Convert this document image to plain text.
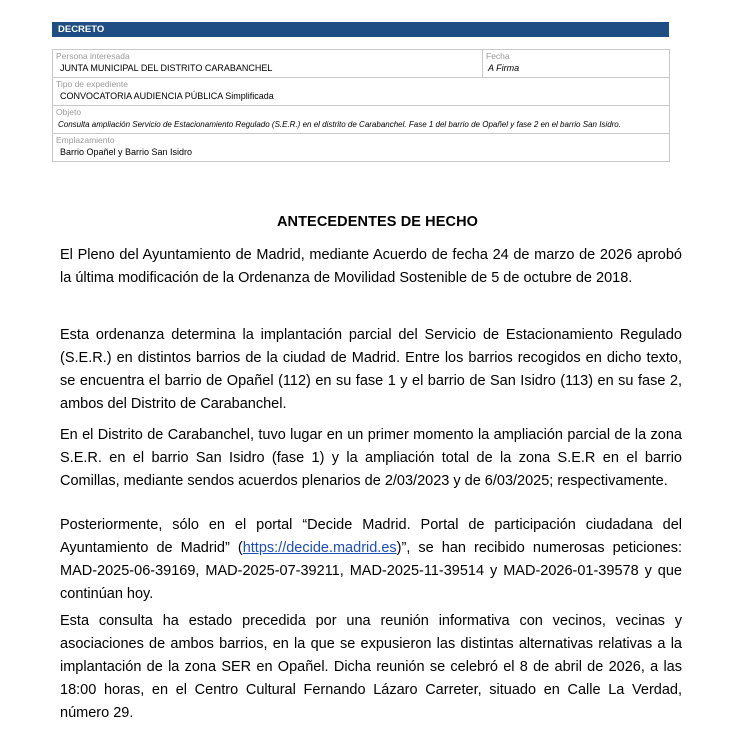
DECRETO
Persona interesada
JUNTA MUNICIPAL DEL DISTRITO CARABANCHEL

Fecha
A Firma

Tipo de expediente
CONVOCATORIA AUDIENCIA PÚBLICA Simplificada

Objeto
Consulta ampliación Servicio de Estacionamiento Regulado (S.E.R.) en el distrito de Carabanchel. Fase 1 del barrio de Opañel y fase 2 en el barrio San Isidro.

Emplazamiento
Barrio Opañel y Barrio San Isidro
ANTECEDENTES DE HECHO
El Pleno del Ayuntamiento de Madrid, mediante Acuerdo de fecha 24 de marzo de 2026 aprobó la última modificación de la Ordenanza de Movilidad Sostenible de 5 de octubre de 2018.
Esta ordenanza determina la implantación parcial del Servicio de Estacionamiento Regulado (S.E.R.) en distintos barrios de la ciudad de Madrid. Entre los barrios recogidos en dicho texto, se encuentra el barrio de Opañel (112) en su fase 1 y el barrio de San Isidro (113) en su fase 2, ambos del Distrito de Carabanchel.
En el Distrito de Carabanchel, tuvo lugar en un primer momento la ampliación parcial de la zona S.E.R. en el barrio San Isidro (fase 1) y la ampliación total de la zona S.E.R en el barrio Comillas, mediante sendos acuerdos plenarios de 2/03/2023 y de 6/03/2025; respectivamente.
Posteriormente, sólo en el portal “Decide Madrid. Portal de participación ciudadana del Ayuntamiento de Madrid” (https://decide.madrid.es)”, se han recibido numerosas peticiones: MAD-2025-06-39169, MAD-2025-07-39211, MAD-2025-11-39514 y MAD-2026-01-39578 y que continúan hoy.
Esta consulta ha estado precedida por una reunión informativa con vecinos, vecinas y asociaciones de ambos barrios, en la que se expusieron las distintas alternativas relativas a la implantación de la zona SER en Opañel. Dicha reunión se celebró el 8 de abril de 2026, a las 18:00 horas, en el Centro Cultural Fernando Lázaro Carreter, situado en Calle La Verdad, número 29.
